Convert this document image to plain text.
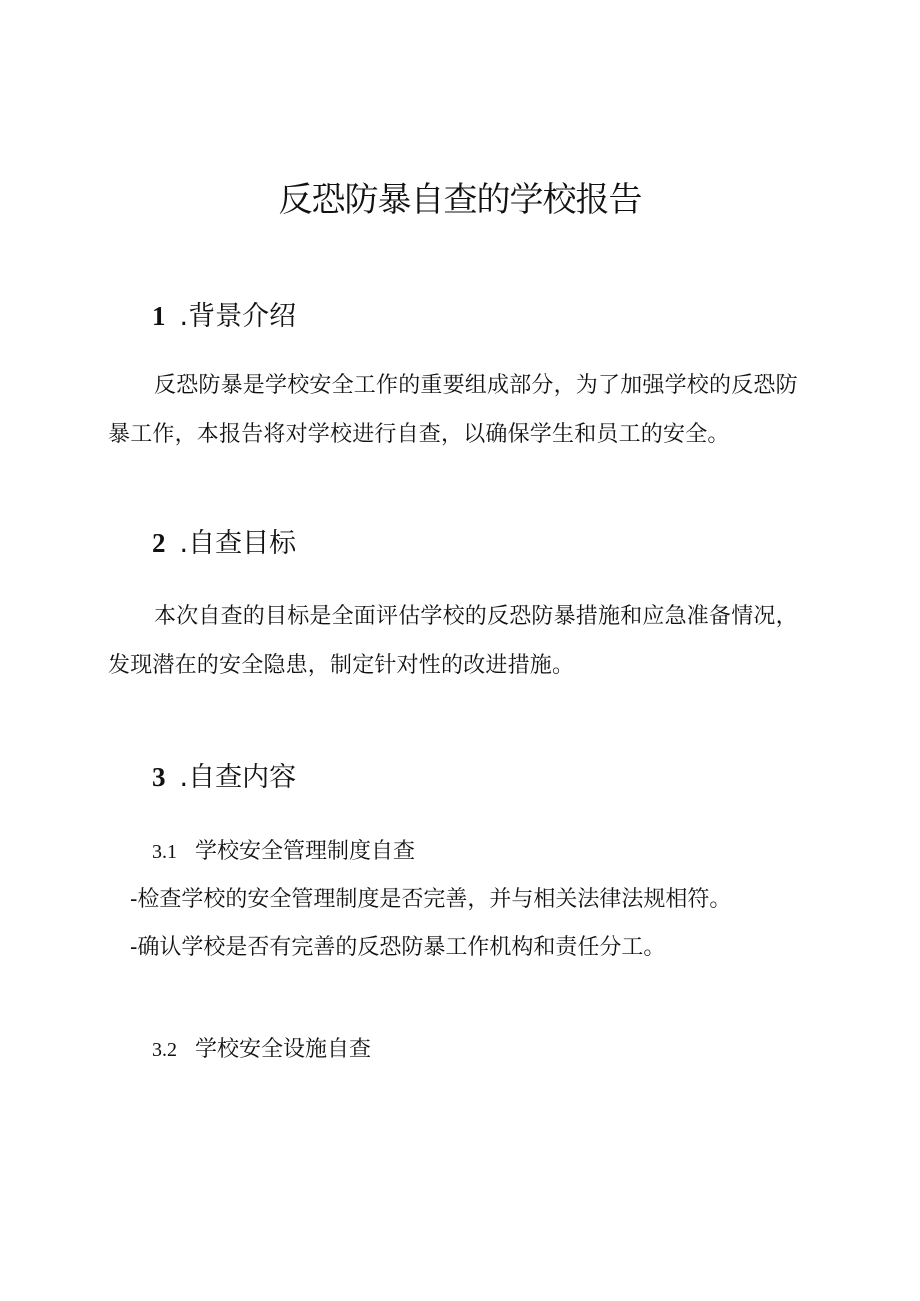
反恐防暴自查的学校报告
1 .背景介绍

反恐防暴是学校安全工作的重要组成部分，为了加强学校的反恐防暴工作，本报告将对学校进行自查，以确保学生和员工的安全。

2 .自查目标

本次自查的目标是全面评估学校的反恐防暴措施和应急准备情况，发现潜在的安全隐患，制定针对性的改进措施。

3 .自查内容

3.1 学校安全管理制度自查

-检查学校的安全管理制度是否完善，并与相关法律法规相符。

-确认学校是否有完善的反恐防暴工作机构和责任分工。

3.2 学校安全设施自查
